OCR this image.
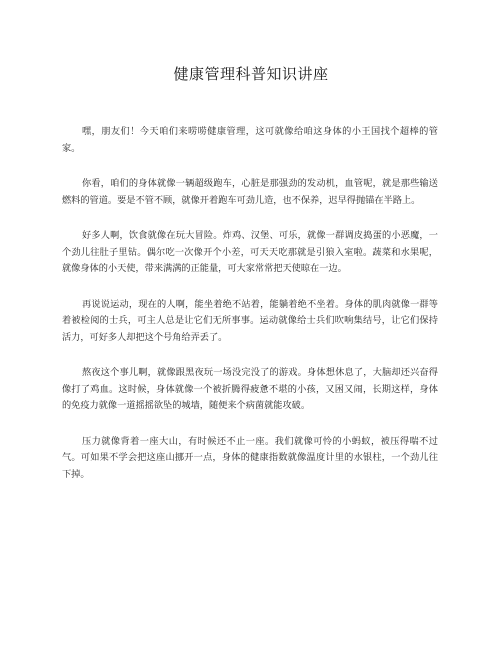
健康管理科普知识讲座

嘿，朋友们！今天咱们来唠唠健康管理，这可就像给咱这身体的小王国找个超棒的管家。

你看，咱们的身体就像一辆超级跑车，心脏是那强劲的发动机，血管呢，就是那些输送燃料的管道。要是不管不顾，就像开着跑车可劲儿造，也不保养，迟早得抛锚在半路上。

好多人啊，饮食就像在玩大冒险。炸鸡、汉堡、可乐，就像一群调皮捣蛋的小恶魔，一个劲儿往肚子里钻。偶尔吃一次像开个小差，可天天吃那就是引狼入室啦。蔬菜和水果呢，就像身体的小天使，带来满满的正能量，可大家常常把天使晾在一边。

再说说运动，现在的人啊，能坐着绝不站着，能躺着绝不坐着。身体的肌肉就像一群等着被检阅的士兵，可主人总是让它们无所事事。运动就像给士兵们吹响集结号，让它们保持活力，可好多人却把这个号角给弄丢了。

熬夜这个事儿啊，就像跟黑夜玩一场没完没了的游戏。身体想休息了，大脑却还兴奋得像打了鸡血。这时候，身体就像一个被折腾得疲惫不堪的小孩，又困又闹，长期这样，身体的免疫力就像一道摇摇欲坠的城墙，随便来个病菌就能攻破。

压力就像背着一座大山，有时候还不止一座。我们就像可怜的小蚂蚁，被压得喘不过气。可如果不学会把这座山挪开一点，身体的健康指数就像温度计里的水银柱，一个劲儿往下掉。
